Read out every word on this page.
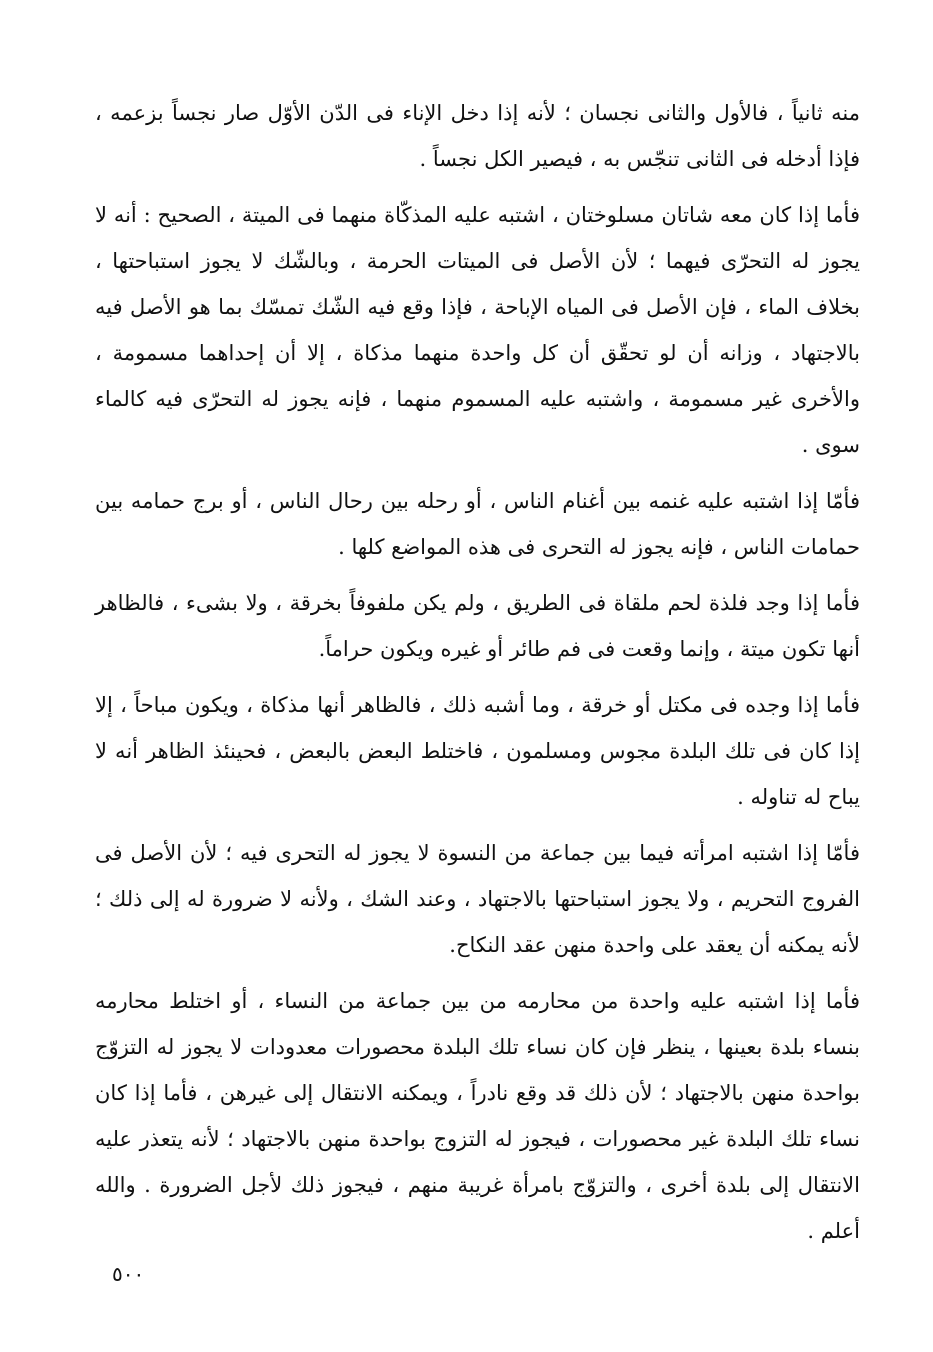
منه ثانياً ، فالأول والثانى نجسان ؛ لأنه إذا دخل الإناء فى الدّن الأوّل صار نجساً بزعمه ، فإذا أدخله فى الثانى تنجّس به ، فيصير الكل نجساً .

فأما إذا كان معه شاتان مسلوختان ، اشتبه عليه المذكّاة منهما فى الميتة ، الصحيح : أنه لا يجوز له التحرّى فيهما ؛ لأن الأصل فى الميتات الحرمة ، وبالشّك لا يجوز استباحتها ، بخلاف الماء ، فإن الأصل فى المياه الإباحة ، فإذا وقع فيه الشّك تمسّك بما هو الأصل فيه بالاجتهاد ، وزانه أن لو تحقّق أن كل واحدة منهما مذكاة ، إلا أن إحداهما مسمومة ، والأخرى غير مسمومة ، واشتبه عليه المسموم منهما ، فإنه يجوز له التحرّى فيه كالماء سوى .

فأمّا إذا اشتبه عليه غنمه بين أغنام الناس ، أو رحله بين رحال الناس ، أو برج حمامه بين حمامات الناس ، فإنه يجوز له التحرى فى هذه المواضع كلها .

فأما إذا وجد فلذة لحم ملقاة فى الطريق ، ولم يكن ملفوفاً بخرقة ، ولا بشىء ، فالظاهر أنها تكون ميتة ، وإنما وقعت فى فم طائر أو غيره ويكون حراماً.

فأما إذا وجده فى مكتل أو خرقة ، وما أشبه ذلك ، فالظاهر أنها مذكاة ، ويكون مباحاً ، إلا إذا كان فى تلك البلدة مجوس ومسلمون ، فاختلط البعض بالبعض ، فحينئذ الظاهر أنه لا يباح له تناوله .

فأمّا إذا اشتبه امرأته فيما بين جماعة من النسوة لا يجوز له التحرى فيه ؛ لأن الأصل فى الفروج التحريم ، ولا يجوز استباحتها بالاجتهاد ، وعند الشك ، ولأنه لا ضرورة له إلى ذلك ؛ لأنه يمكنه أن يعقد على واحدة منهن عقد النكاح.

فأما إذا اشتبه عليه واحدة من محارمه من بين جماعة من النساء ، أو اختلط محارمه بنساء بلدة بعينها ، ينظر فإن كان نساء تلك البلدة محصورات معدودات لا يجوز له التزوّج بواحدة منهن بالاجتهاد ؛ لأن ذلك قد وقع نادراً ، ويمكنه الانتقال إلى غيرهن ، فأما إذا كان نساء تلك البلدة غير محصورات ، فيجوز له التزوج بواحدة منهن بالاجتهاد ؛ لأنه يتعذر عليه الانتقال إلى بلدة أخرى ، والتزوّج بامرأة غريبة منهم ، فيجوز ذلك لأجل الضرورة . والله أعلم .

٥٠٠
